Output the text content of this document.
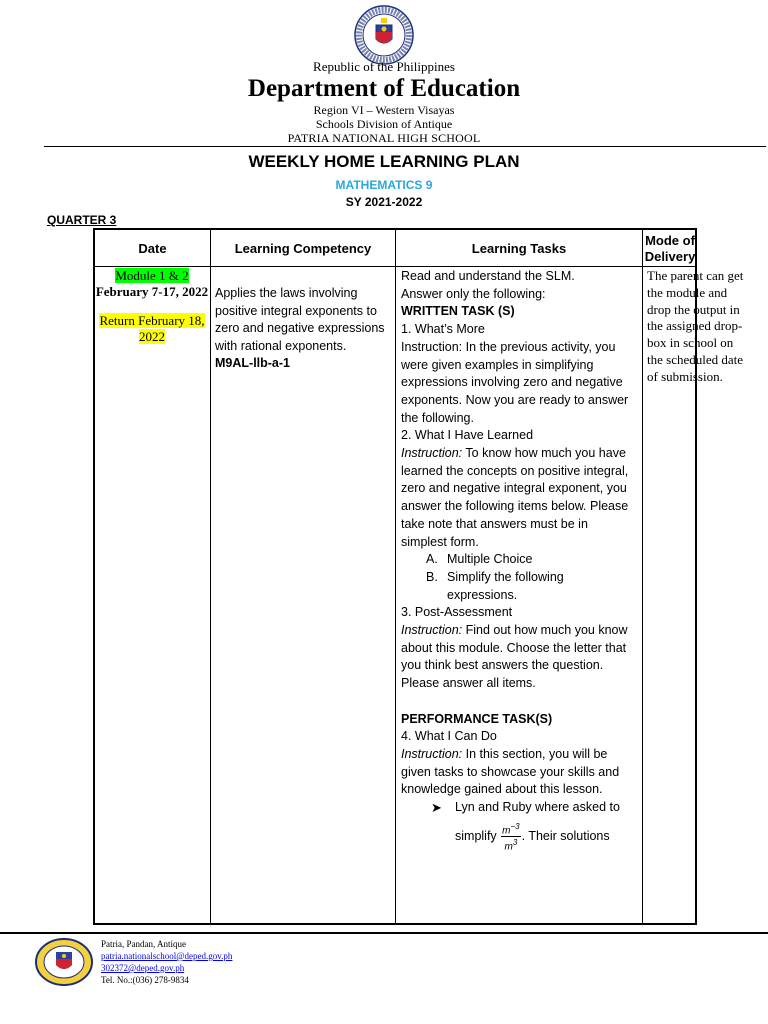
Republic of the Philippines
Department of Education
Region VI – Western Visayas
Schools Division of Antique
PATRIA NATIONAL HIGH SCHOOL
WEEKLY HOME LEARNING PLAN
MATHEMATICS 9
SY 2021-2022
QUARTER 3
Date	Learning Competency	Learning Tasks
Mode of Delivery
Module 1 & 2
February 7-17, 2022
Return February 18, 2022
Applies the laws involving positive integral exponents to zero and negative expressions with rational exponents.
M9AL-llb-a-1

Read and understand the SLM.

Answer only the following:

WRITTEN TASK (S)

1. What’s More

Instruction: In the previous activity, you were given examples in simplifying expressions involving zero and negative exponents. Now you are ready to answer the following.

2. What I Have Learned

Instruction: To know how much you have learned the concepts on positive integral, zero and negative integral exponent, you answer the following items below. Please take note that answers must be in simplest form.

A. Multiple Choice
B. Simplify the following expressions.

3. Post-Assessment

Instruction: Find out how much you know about this module. Choose the letter that you think best answers the question. Please answer all items.

PERFORMANCE TASK(S)

4. What I Can Do

Instruction: In this section, you will be given tasks to showcase your skills and knowledge gained about this lesson.

➤ Lyn and Ruby where asked to
simplify $\frac{m^{-3}}{m^3}$ . Their solutions
The parent can get the module and drop the output in the assigned drop-box in school on the scheduled date of submission.
Patria, Pandan, Antique
patria.nationalschool@deped.gov.ph
302372@deped.gov.ph
Tel. No.:(036) 278-9834
